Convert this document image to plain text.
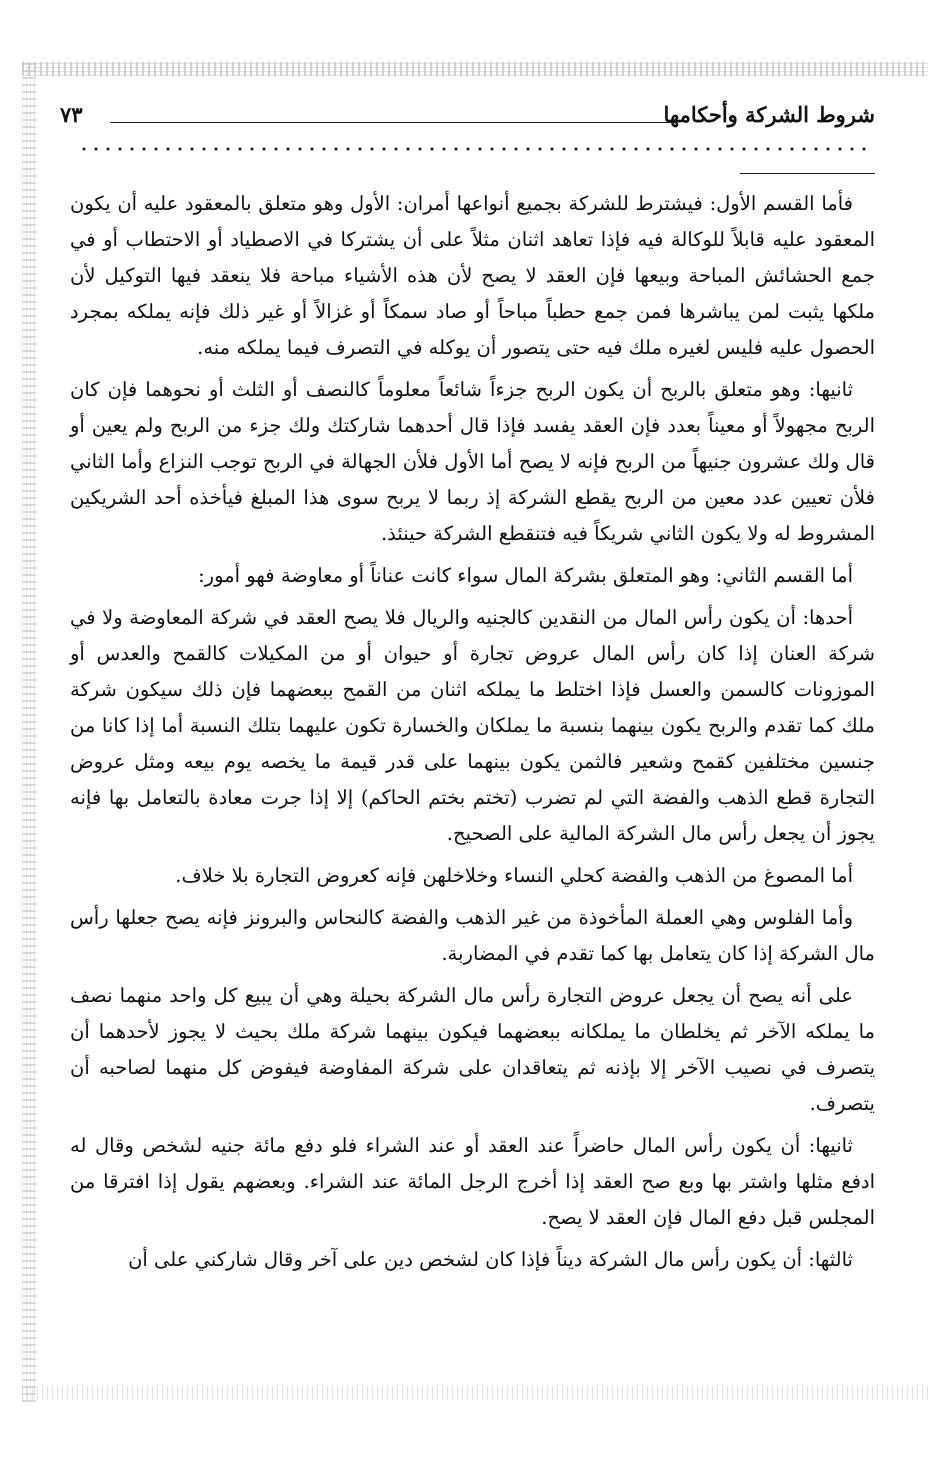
شروط الشركة وأحكامها
٧٣

فأما القسم الأول: فيشترط للشركة بجميع أنواعها أمران: الأول وهو متعلق بالمعقود عليه أن يكون المعقود عليه قابلاً للوكالة فيه فإذا تعاهد اثنان مثلاً على أن يشتركا في الاصطياد أو الاحتطاب أو في جمع الحشائش المباحة وبيعها فإن العقد لا يصح لأن هذه الأشياء مباحة فلا ينعقد فيها التوكيل لأن ملكها يثبت لمن يباشرها فمن جمع حطباً مباحاً أو صاد سمكاً أو غزالاً أو غير ذلك فإنه يملكه بمجرد الحصول عليه فليس لغيره ملك فيه حتى يتصور أن يوكله في التصرف فيما يملكه منه.

ثانيها: وهو متعلق بالربح أن يكون الربح جزءاً شائعاً معلوماً كالنصف أو الثلث أو نحوهما فإن كان الربح مجهولاً أو معيناً بعدد فإن العقد يفسد فإذا قال أحدهما شاركتك ولك جزء من الربح ولم يعين أو قال ولك عشرون جنيهاً من الربح فإنه لا يصح أما الأول فلأن الجهالة في الربح توجب النزاع وأما الثاني فلأن تعيين عدد معين من الربح يقطع الشركة إذ ربما لا يربح سوى هذا المبلغ فيأخذه أحد الشريكين المشروط له ولا يكون الثاني شريكاً فيه فتنقطع الشركة حينئذ.

أما القسم الثاني: وهو المتعلق بشركة المال سواء كانت عناناً أو معاوضة فهو أمور:

أحدها: أن يكون رأس المال من النقدين كالجنيه والريال فلا يصح العقد في شركة المعاوضة ولا في شركة العنان إذا كان رأس المال عروض تجارة أو حيوان أو من المكيلات كالقمح والعدس أو الموزونات كالسمن والعسل فإذا اختلط ما يملكه اثنان من القمح ببعضهما فإن ذلك سيكون شركة ملك كما تقدم والربح يكون بينهما بنسبة ما يملكان والخسارة تكون عليهما بتلك النسبة أما إذا كانا من جنسين مختلفين كقمح وشعير فالثمن يكون بينهما على قدر قيمة ما يخصه يوم بيعه ومثل عروض التجارة قطع الذهب والفضة التي لم تضرب (تختم بختم الحاكم) إلا إذا جرت معادة بالتعامل بها فإنه يجوز أن يجعل رأس مال الشركة المالية على الصحيح.

أما المصوغ من الذهب والفضة كحلي النساء وخلاخلهن فإنه كعروض التجارة بلا خلاف.

وأما الفلوس وهي العملة المأخوذة من غير الذهب والفضة كالنحاس والبرونز فإنه يصح جعلها رأس مال الشركة إذا كان يتعامل بها كما تقدم في المضاربة.

على أنه يصح أن يجعل عروض التجارة رأس مال الشركة بحيلة وهي أن يبيع كل واحد منهما نصف ما يملكه الآخر ثم يخلطان ما يملكانه ببعضهما فيكون بينهما شركة ملك بحيث لا يجوز لأحدهما أن يتصرف في نصيب الآخر إلا بإذنه ثم يتعاقدان على شركة المفاوضة فيفوض كل منهما لصاحبه أن يتصرف.

ثانيها: أن يكون رأس المال حاضراً عند العقد أو عند الشراء فلو دفع مائة جنيه لشخص وقال له ادفع مثلها واشتر بها وبع صح العقد إذا أخرج الرجل المائة عند الشراء. وبعضهم يقول إذا افترقا من المجلس قبل دفع المال فإن العقد لا يصح.

ثالثها: أن يكون رأس مال الشركة ديناً فإذا كان لشخص دين على آخر وقال شاركني على أن
